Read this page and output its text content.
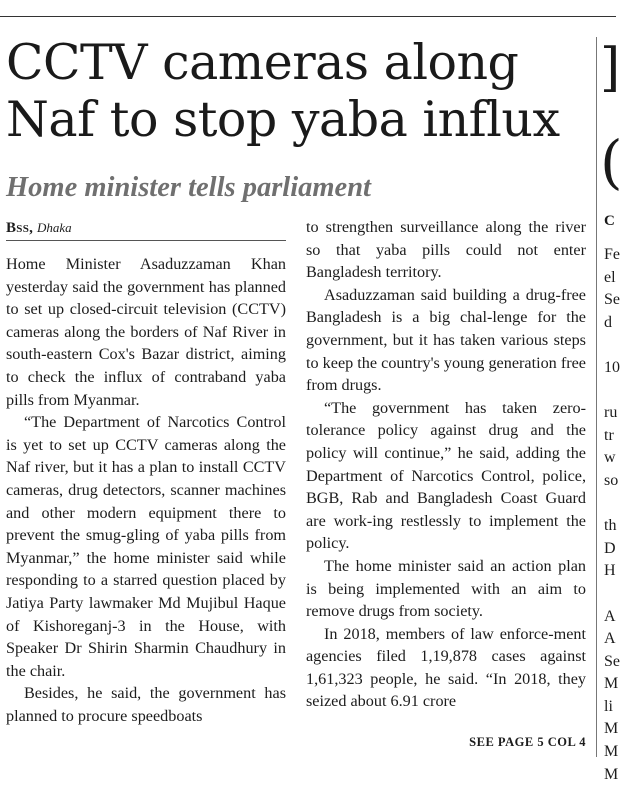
CCTV cameras along
Naf to stop yaba influx
Home minister tells parliament
Bss, Dhaka

Home Minister Asaduzzaman Khan yesterday said the government has planned to set up closed-circuit television (CCTV) cameras along the borders of Naf River in south-eastern Cox's Bazar district, aiming to check the influx of contraband yaba pills from Myanmar.

“The Department of Narcotics Control is yet to set up CCTV cameras along the Naf river, but it has a plan to install CCTV cameras, drug detectors, scanner machines and other modern equipment there to prevent the smug-gling of yaba pills from Myanmar,” the home minister said while responding to a starred question placed by Jatiya Party lawmaker Md Mujibul Haque of Kishoreganj-3 in the House, with Speaker Dr Shirin Sharmin Chaudhury in the chair.

Besides, he said, the government has planned to procure speedboats

to strengthen surveillance along the river so that yaba pills could not enter Bangladesh territory.

Asaduzzaman said building a drug-free Bangladesh is a big chal-lenge for the government, but it has taken various steps to keep the country's young generation free from drugs.

“The government has taken zero-tolerance policy against drug and the policy will continue,” he said, adding the Department of Narcotics Control, police, BGB, Rab and Bangladesh Coast Guard are work-ing restlessly to implement the policy.

The home minister said an action plan is being implemented with an aim to remove drugs from society.

In 2018, members of law enforce-ment agencies filed 1,19,878 cases against 1,61,323 people, he said. “In 2018, they seized about 6.91 crore

SEE PAGE 5 COL 4
]
(
C
Fe
el
Se
d
10
ru
tr
w
so
th
D
H
A
A
Se
M
li
M
M
M
